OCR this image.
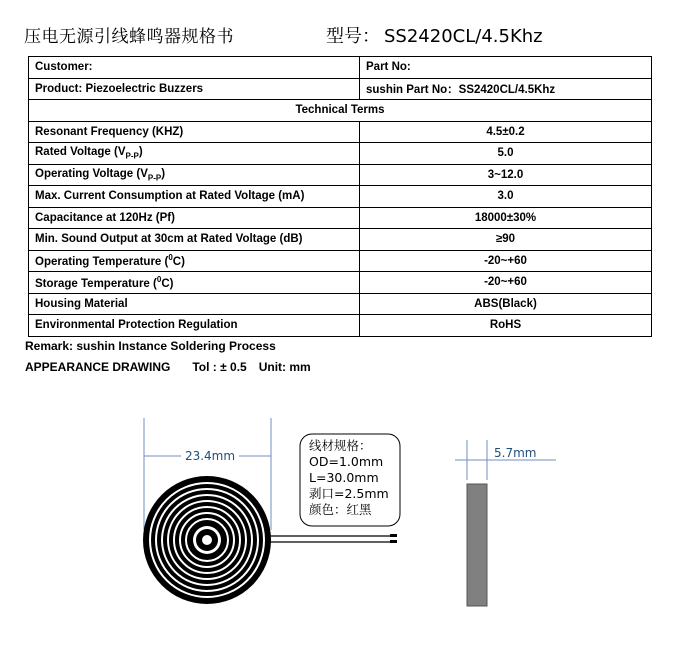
压电无源引线蜂鸣器规格书	型号： SS2420CL/4.5Khz
Customer:	Part No:
Product: Piezoelectric Buzzers	sushin Part No：SS2420CL/4.5Khz
Technical Terms	
Resonant Frequency (KHZ)	4.5±0.2
Rated Voltage $(V_{P-P})$	5.0
Operating Voltage $(V_{P-P})$	3~12.0
Max. Current Consumption at Rated Voltage (mA)	3.0
Capacitance at 120Hz (Pf)	18000±30%
Min. Sound Output at 30cm at Rated Voltage (dB)	≥90
Operating Temperature ($^0$C)	-20~+60
Storage Temperature ($^0$C)	-20~+60
Housing Material	ABS(Black)
Environmental Protection Regulation	RoHS
Remark: sushin Instance Soldering Process
APPEARANCE DRAWING Tol : ± 0.5 Unit: mm
23.4mm
线材规格：
OD=1.0mm
L=30.0mm
剥口=2.5mm
颜色：红黑
5.7mm
